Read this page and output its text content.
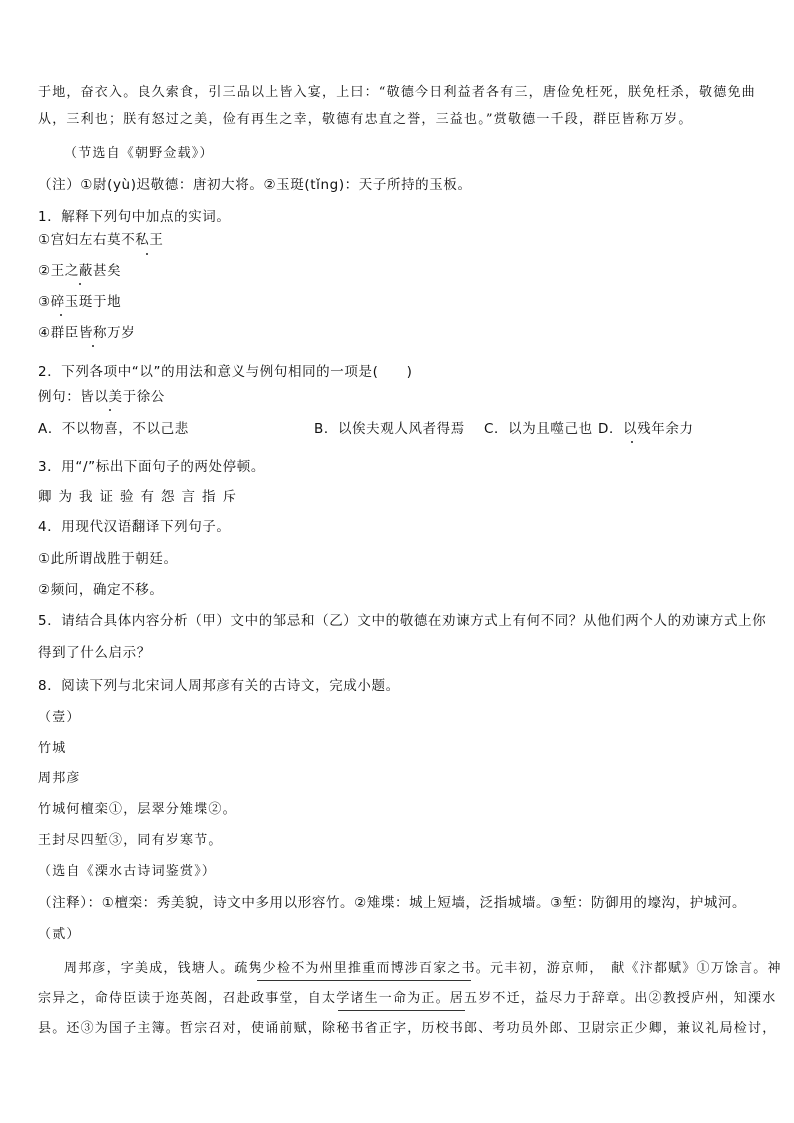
于地，奋衣入。良久索食，引三品以上皆入宴，上曰：“敬德今日利益者各有三，唐俭免枉死，朕免枉杀，敬德免曲
从，三利也；朕有怒过之美，俭有再生之幸，敬德有忠直之誉，三益也。”赏敬德一千段，群臣皆称万岁。
（节选自《朝野佥载》）
（注）①尉(yù)迟敬德：唐初大将。②玉珽(tǐng)：天子所持的玉板。
1．解释下列句中加点的实词。
①宫妇左右莫不私王
②王之蔽甚矣
③碎玉珽于地
④群臣皆称万岁
2．下列各项中“以”的用法和意义与例句相同的一项是(　　)
例句：皆以美于徐公
A．不以物喜，不以己悲	B．以俟夫观人风者得焉 C．以为且噬己也 D．以残年余力
3．用“/”标出下面句子的两处停顿。
卿为我证验有怨言指斥
4．用现代汉语翻译下列句子。
①此所谓战胜于朝廷。
②频问，确定不移。
5．请结合具体内容分析（甲）文中的邹忌和（乙）文中的敬德在劝谏方式上有何不同？从他们两个人的劝谏方式上你
得到了什么启示？
8．阅读下列与北宋词人周邦彦有关的古诗文，完成小题。
（壹）
竹城
周邦彦
竹城何檀栾①，层翠分雉堞②。
王封尽四堑③，同有岁寒节。
（选自《溧水古诗词鉴赏》）
（注释）：①檀栾：秀美貌，诗文中多用以形容竹。②雉堞：城上短墙，泛指城墙。③堑：防御用的壕沟，护城河。
（贰）
周邦彦，字美成，钱塘人。疏隽少检不为州里推重而博涉百家之书。元丰初，游京师，　献《汴都赋》①万馀言。神
宗异之，命侍臣读于迩英阁，召赴政事堂，自太学诸生一命为正。居五岁不迁，益尽力于辞章。出②教授庐州，知溧水
县。还③为国子主簿。哲宗召对，使诵前赋，除秘书省正字，历校书郎、考功员外郎、卫尉宗正少卿，兼议礼局检讨，
